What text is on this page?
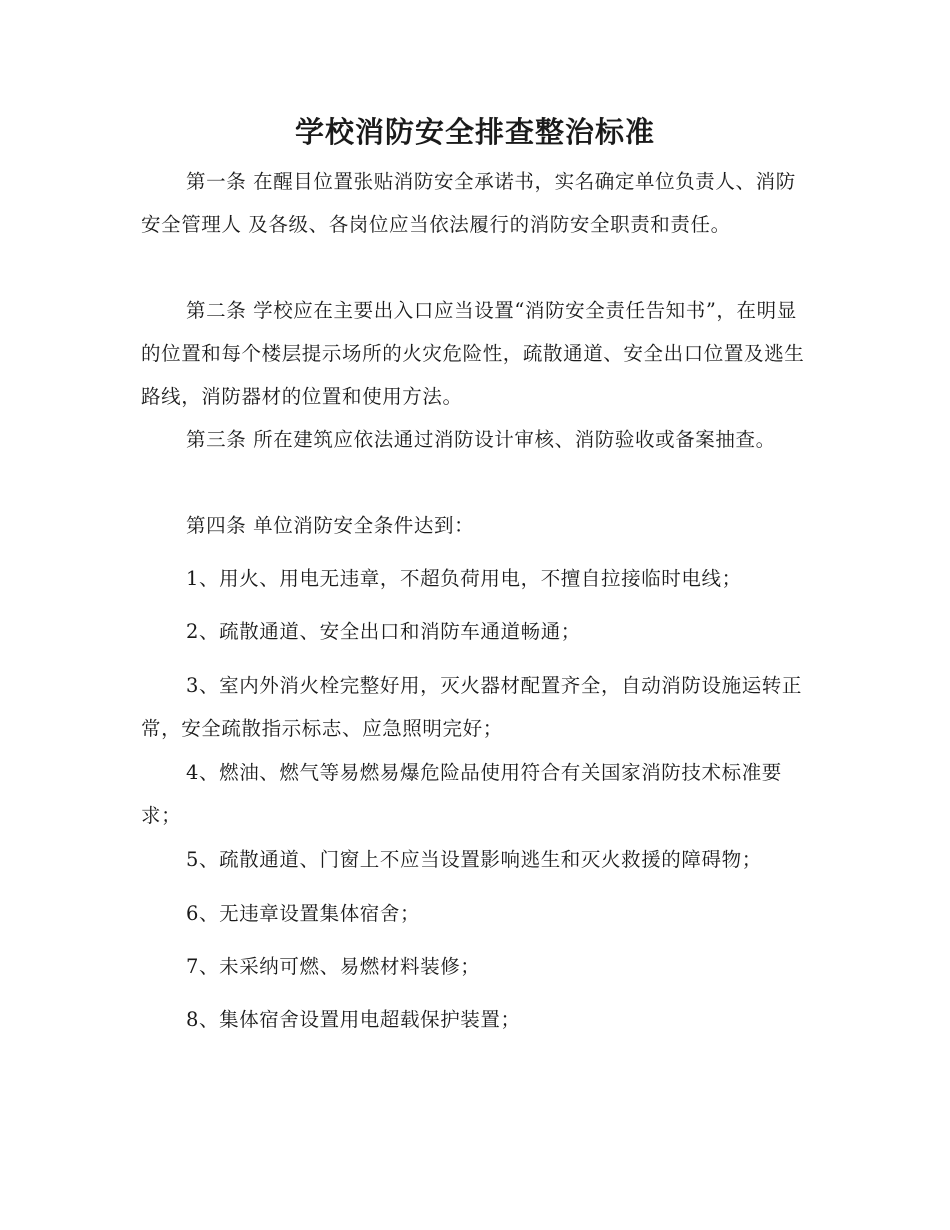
学校消防安全排查整治标准

第一条 在醒目位置张贴消防安全承诺书，实名确定单位负责人、消防安全管理人 及各级、各岗位应当依法履行的消防安全职责和责任。

第二条 学校应在主要出入口应当设置“消防安全责任告知书”，在明显的位置和每个楼层提示场所的火灾危险性，疏散通道、安全出口位置及逃生路线，消防器材的位置和使用方法。

第三条 所在建筑应依法通过消防设计审核、消防验收或备案抽查。

第四条 单位消防安全条件达到：

1、用火、用电无违章，不超负荷用电，不擅自拉接临时电线；

2、疏散通道、安全出口和消防车通道畅通；

3、室内外消火栓完整好用，灭火器材配置齐全，自动消防设施运转正常，安全疏散指示标志、应急照明完好；

4、燃油、燃气等易燃易爆危险品使用符合有关国家消防技术标准要求；

5、疏散通道、门窗上不应当设置影响逃生和灭火救援的障碍物；

6、无违章设置集体宿舍；

7、未采纳可燃、易燃材料装修；

8、集体宿舍设置用电超载保护装置；
